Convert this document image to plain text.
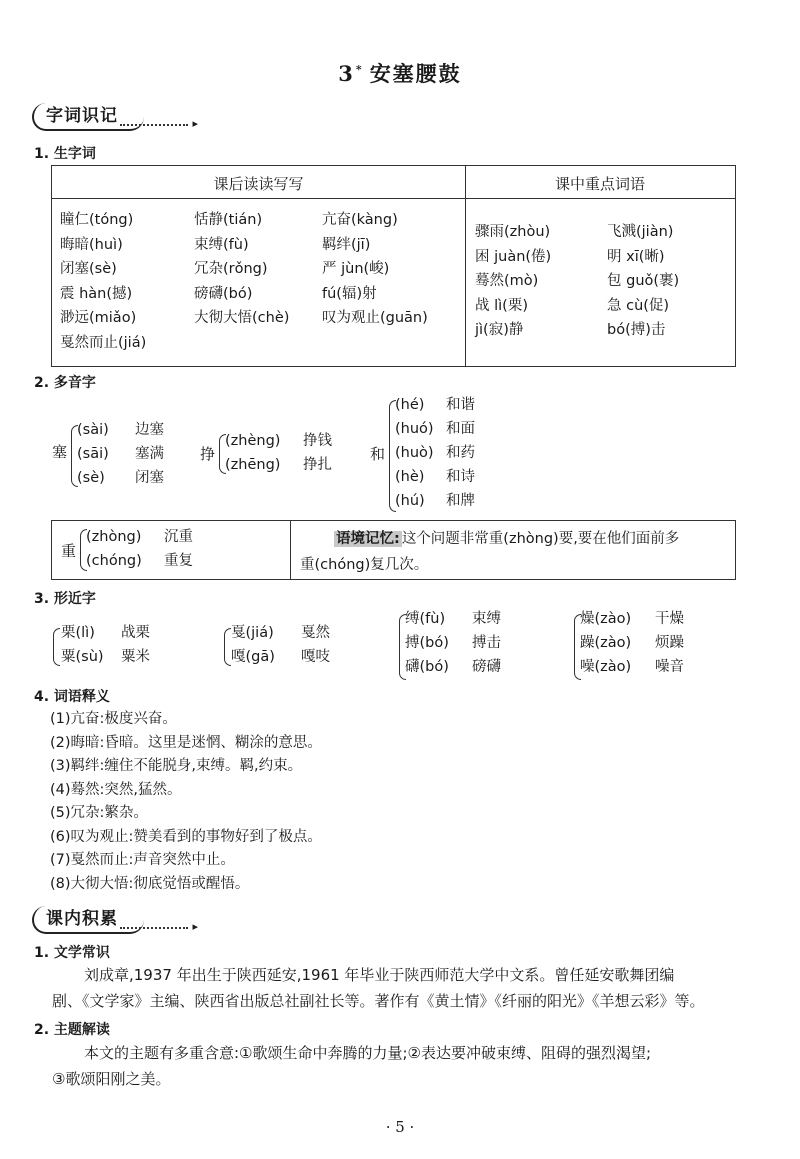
3* 安塞腰鼓
字词识记
▸
1. 生字词
课后读读写写	课中重点词语
瞳仁(tóng)
晦暗(huì)
闭塞(sè)
震 hàn(撼)
渺远(miǎo)
戛然而止(jiá)
恬静(tián)
束缚(fù)
冗杂(rǒng)
磅礴(bó)
大彻大悟(chè)
亢奋(kàng)
羁绊(jī)
严 jùn(峻)
fú(辐)射
叹为观止(guān)
骤雨(zhòu)
困 juàn(倦)
蓦然(mò)
战 lì(栗)
jì(寂)静
飞溅(jiàn)
明 xī(晰)
包 guǒ(裹)
急 cù(促)
bó(搏)击
2. 多音字
塞
(sài)
(sāi)
(sè)
边塞
塞满
闭塞
挣
(zhèng)
(zhēng)
挣钱
挣扎
和
(hé)
(huó)
(huò)
(hè)
(hú)
和谐
和面
和药
和诗
和牌
重
(zhòng)
(chóng)
沉重
重复
语境记忆: 这个问题非常重(zhòng)要,要在他们面前多
重(chóng)复几次。
3. 形近字
栗(lì)
粟(sù)
战栗
粟米
戛(jiá)
嘎(gā)
戛然
嘎吱
缚(fù)
搏(bó)
礴(bó)
束缚
搏击
磅礴
燥(zào)
躁(zào)
噪(zào)
干燥
烦躁
噪音
4. 词语释义
(1)亢奋:极度兴奋。
(2)晦暗:昏暗。这里是迷惘、糊涂的意思。
(3)羁绊:缠住不能脱身,束缚。羁,约束。
(4)蓦然:突然,猛然。
(5)冗杂:繁杂。
(6)叹为观止:赞美看到的事物好到了极点。
(7)戛然而止:声音突然中止。
(8)大彻大悟:彻底觉悟或醒悟。
课内积累
▸
1. 文学常识
刘成章,1937 年出生于陕西延安,1961 年毕业于陕西师范大学中文系。曾任延安歌舞团编
剧、《文学家》主编、陕西省出版总社副社长等。著作有《黄土情》《纤丽的阳光》《羊想云彩》等。
2. 主题解读
本文的主题有多重含意:①歌颂生命中奔腾的力量;②表达要冲破束缚、阻碍的强烈渴望;
③歌颂阳刚之美。
· 5 ·
